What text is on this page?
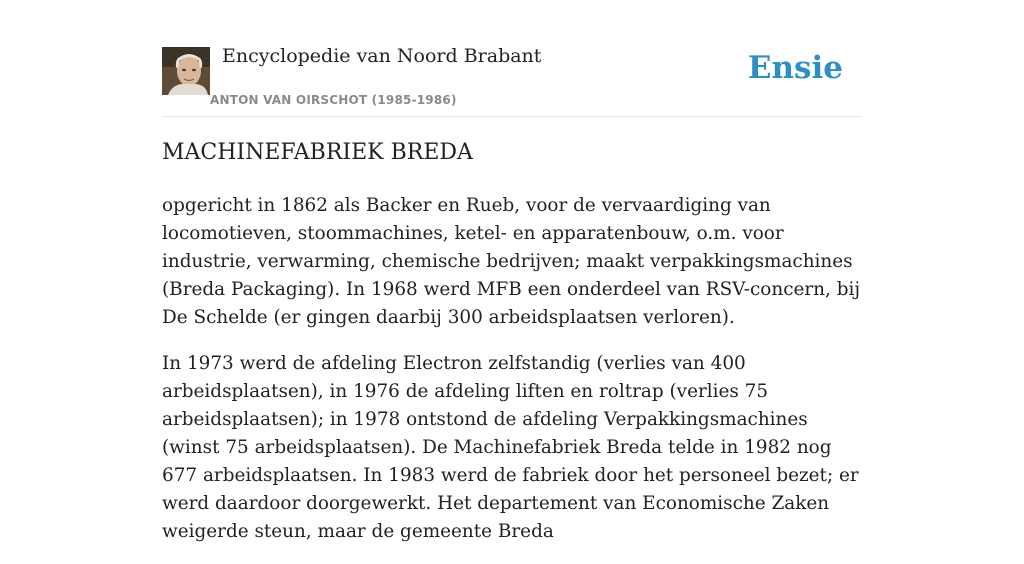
Encyclopedie van Noord Brabant
ANTON VAN OIRSCHOT (1985-1986)
Ensie
MACHINEFABRIEK BREDA

opgericht in 1862 als Backer en Rueb, voor de vervaardiging van locomotieven, stoommachines, ketel- en apparatenbouw, o.m. voor industrie, verwarming, chemische bedrijven; maakt verpakkingsmachines (Breda Packaging). In 1968 werd MFB een onderdeel van RSV-concern, bij De Schelde (er gingen daarbij 300 arbeidsplaatsen verloren).

In 1973 werd de afdeling Electron zelfstandig (verlies van 400 arbeidsplaatsen), in 1976 de afdeling liften en roltrap (verlies 75 arbeidsplaatsen); in 1978 ontstond de afdeling Verpakkingsmachines (winst 75 arbeidsplaatsen). De Machinefabriek Breda telde in 1982 nog 677 arbeidsplaatsen. In 1983 werd de fabriek door het personeel bezet; er werd daardoor doorgewerkt. Het departement van Economische Zaken weigerde steun, maar de gemeente Breda
